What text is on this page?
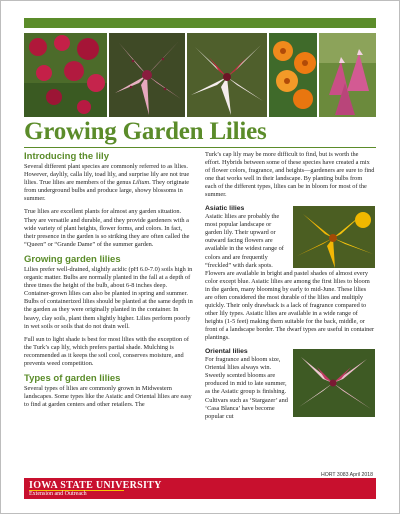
Growing Garden Lilies
Introducing the lily

Several different plant species are commonly referred to as lilies. However, daylily, calla lily, toad lily, and surprise lily are not true lilies. True lilies are members of the genus Lilium. They originate from underground bulbs and produce large, showy blossoms in summer.

True lilies are excellent plants for almost any garden situation. They are versatile and durable, and they provide gardeners with a wide variety of plant heights, flower forms, and colors. In fact, their presence in the garden is so striking they are often called the “Queen” or “Grande Dame” of the summer garden.

Growing garden lilies

Lilies prefer well-drained, slightly acidic (pH 6.0-7.0) soils high in organic matter. Bulbs are normally planted in the fall at a depth of three times the height of the bulb, about 6-8 inches deep. Container-grown lilies can also be planted in spring and summer. Bulbs of containerized lilies should be planted at the same depth in the garden as they were originally planted in the container. In heavy, clay soils, plant them slightly higher. Lilies perform poorly in wet soils or soils that do not drain well.

Full sun to light shade is best for most lilies with the exception of the Turk’s cap lily, which prefers partial shade. Mulching is recommended as it keeps the soil cool, conserves moisture, and prevents weed competition.

Types of garden lilies

Several types of lilies are commonly grown in Midwestern landscapes. Some types like the Asiatic and Oriental lilies are easy to find at garden centers and other retailers. The

Turk’s cap lily may be more difficult to find, but is worth the effort. Hybrids between some of these species have created a mix of flower colors, fragrance, and heights—gardeners are sure to find one that works well in their landscape. By planting bulbs from each of the different types, lilies can be in bloom for most of the summer.

Asiatic lilies

Asiatic lilies are probably the most popular landscape or garden lily. Their upward or outward facing flowers are available in the widest range of colors and are frequently “freckled” with dark spots. Flowers are available in bright and pastel shades of almost every color except blue. Asiatic lilies are among the first lilies to bloom in the garden, many blooming by early to mid-June. These lilies are often considered the most durable of the lilies and multiply quickly. Their only drawback is a lack of fragrance compared to other lily types. Asiatic lilies are available in a wide range of heights (1-5 feet) making them suitable for the back, middle, or front of a landscape border. The dwarf types are useful in container plantings.

Oriental lilies

For fragrance and bloom size, Oriental lilies always win. Sweetly scented blooms are produced in mid to late summer, as the Asiatic group is finishing. Cultivars such as ‘Stargazer’ and ‘Casa Blanca’ have become popular cut

HORT 3083 April 2018
IOWA STATE UNIVERSITY
Extension and Outreach
